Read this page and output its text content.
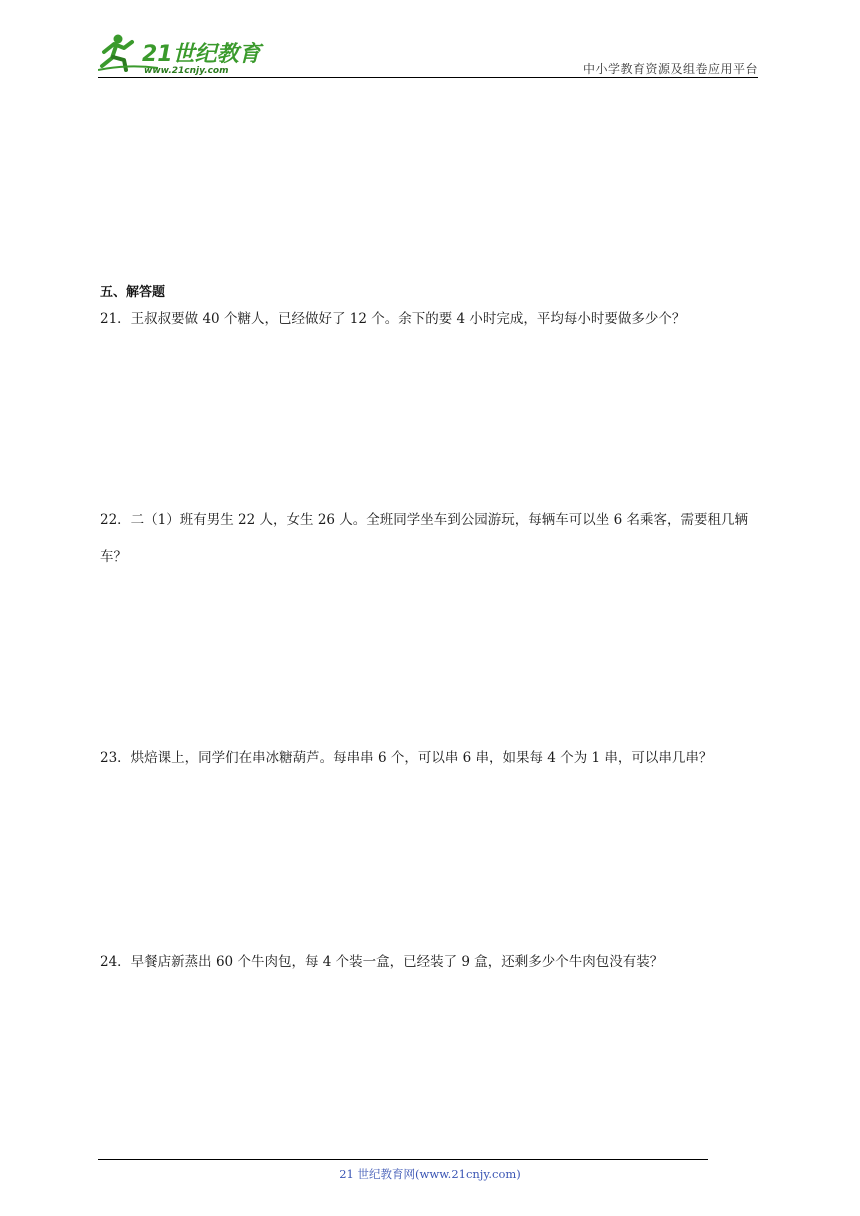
21世纪教育
www.21cnjy.com	中小学教育资源及组卷应用平台
五、解答题
21．王叔叔要做 40 个糖人，已经做好了 12 个。余下的要 4 小时完成，平均每小时要做多少个？
22．二（1）班有男生 22 人，女生 26 人。全班同学坐车到公园游玩，每辆车可以坐 6 名乘客，需要租几辆车？
23．烘焙课上，同学们在串冰糖葫芦。每串串 6 个，可以串 6 串，如果每 4 个为 1 串，可以串几串？
24．早餐店新蒸出 60 个牛肉包，每 4 个装一盒，已经装了 9 盒，还剩多少个牛肉包没有装？
21 世纪教育网(www.21cnjy.com)
